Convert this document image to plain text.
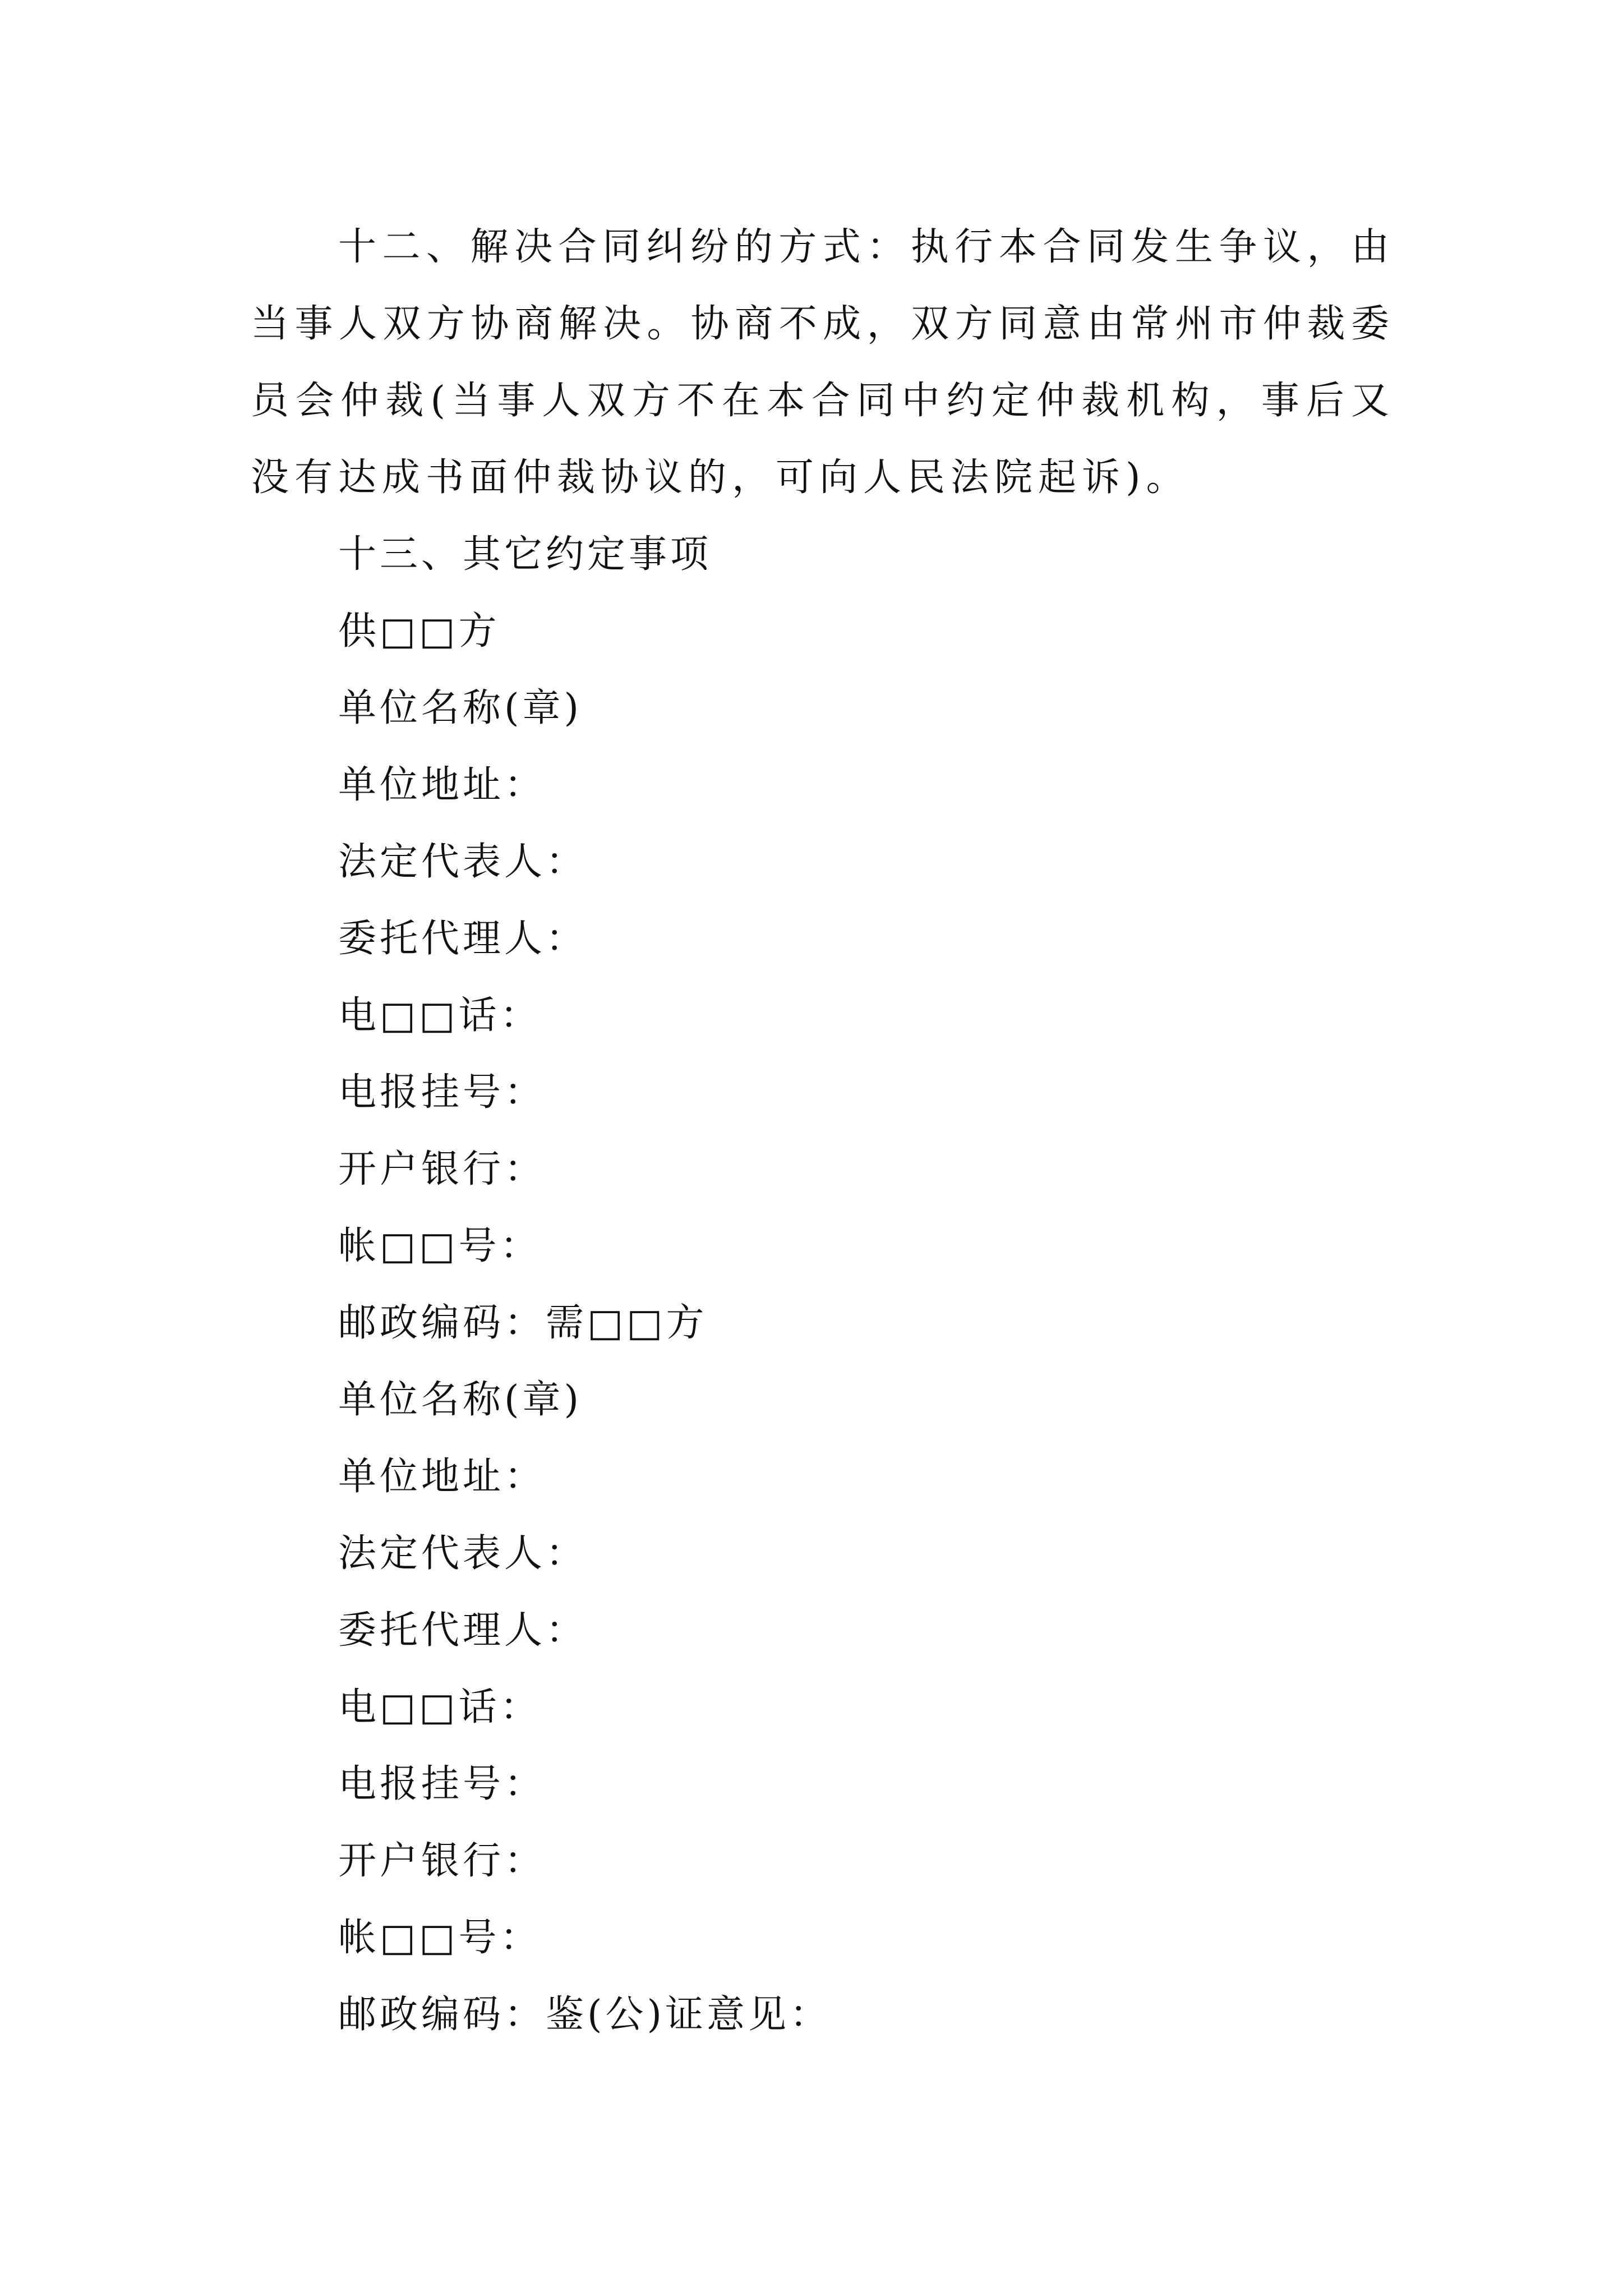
十二、解决合同纠纷的方式：执行本合同发生争议，由当事人双方协商解决。协商不成，双方同意由常州市仲裁委员会仲裁(当事人双方不在本合同中约定仲裁机构，事后又没有达成书面仲裁协议的，可向人民法院起诉)。

十三、其它约定事项

供□□方

单位名称(章)

单位地址：

法定代表人：

委托代理人：

电□□话：

电报挂号：

开户银行：

帐□□号：

邮政编码：需□□方

单位名称(章)

单位地址：

法定代表人：

委托代理人：

电□□话：

电报挂号：

开户银行：

帐□□号：

邮政编码：鉴(公)证意见：
